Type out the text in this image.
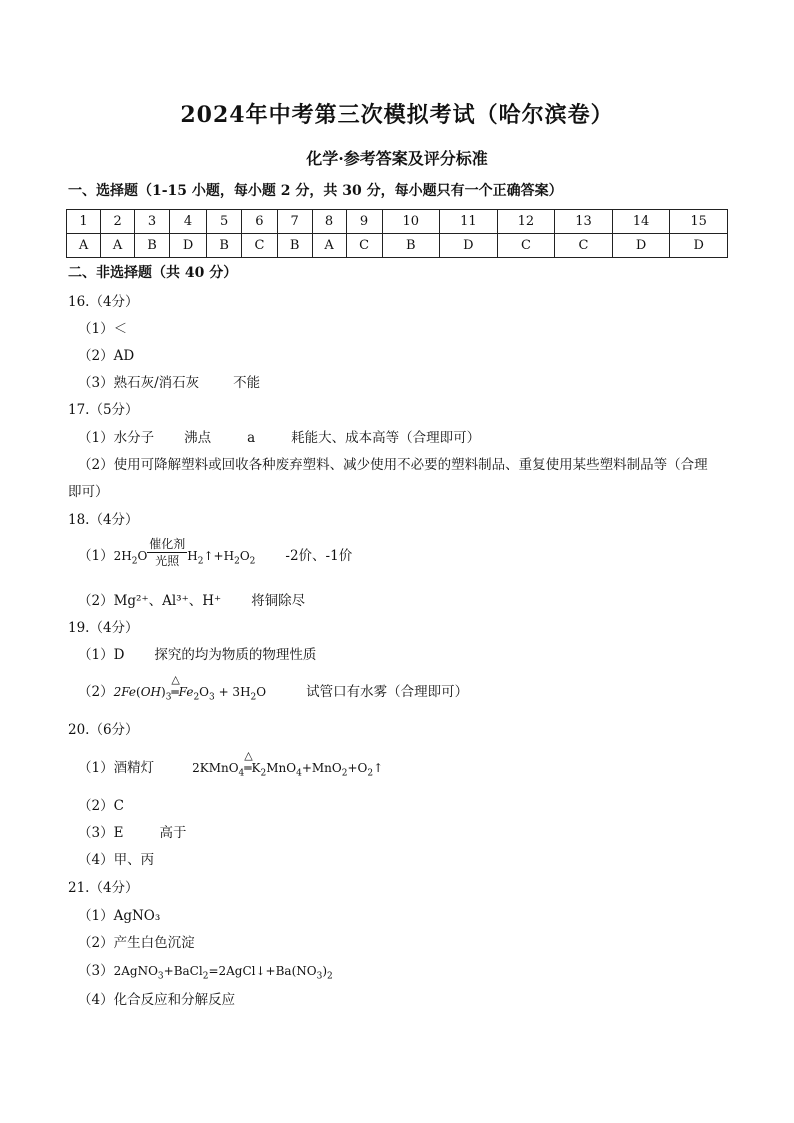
2024年中考第三次模拟考试（哈尔滨卷）
化学·参考答案及评分标准
一、选择题（1-15 小题，每小题 2 分，共 30 分，每小题只有一个正确答案）
1	2	3	4	5	6	7	8	9	10	11	12	13	14	15
A	A	B	D	B	C	B	A	C	B	D	C	C	D	D
二、非选择题（共 40 分）
16.（4分）
（1）＜
（2）AD
（3）熟石灰/消石灰	不能
17.（5分）
（1）水分子 沸点	a	耗能大、成本高等（合理即可）
（2）使用可降解塑料或回收各种废弃塑料、减少使用不必要的塑料制品、重复使用某些塑料制品等（合理
即可）
18.（4分）
$(1)2H_2O \frac{\text{催化剂}}{\text{光照}}$ $H_2↑+H_2O_2$ -2价、-1价
（2）Mg²⁺、Al³⁺、H⁺ 将铜除尽
19.（4分）
（1）D 探究的均为物质的物理性质
$(2)2Fe(OH)_3$
△
$═Fe_2O_3 + 3H_2O$	试管口有水雾（合理即可）
20.（6分）
（1）酒精灯	2KMnO$_4$
△
$═K_2MnO_4+MnO_2+O_2↑$
（2）C
（3）E	高于
（4）甲、丙
21.（4分）
（1）AgNO₃
（2）产生白色沉淀
$(3)2AgNO_3+BaCl_2=2AgCl↓+Ba(NO_3)_2$
（4）化合反应和分解反应
